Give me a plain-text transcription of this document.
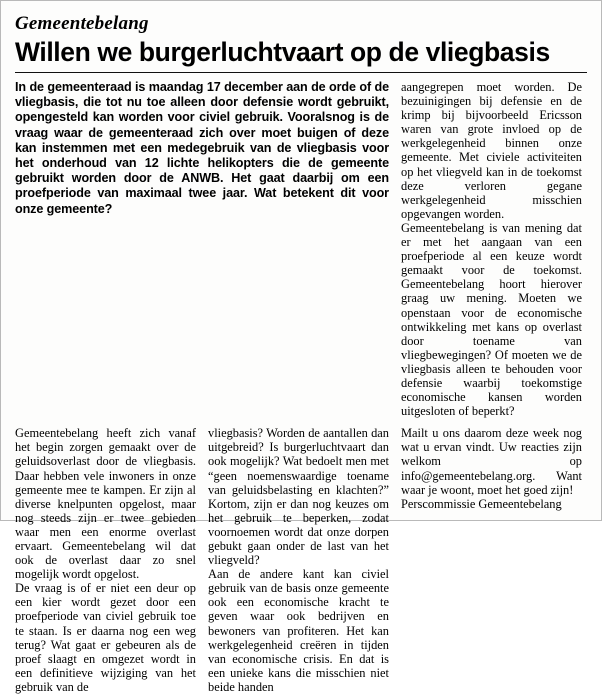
Gemeentebelang
Willen we burgerluchtvaart op de vliegbasis

In de gemeenteraad is maandag 17 december aan de orde of de vliegbasis, die tot nu toe alleen door defensie wordt gebruikt, opengesteld kan worden voor civiel gebruik. Vooralsnog is de vraag waar de gemeenteraad zich over moet buigen of deze kan instemmen met een medegebruik van de vliegbasis voor het onderhoud van 12 lichte helikopters die de gemeente gebruikt worden door de ANWB. Het gaat daarbij om een proefperiode van maximaal twee jaar. Wat betekent dit voor onze gemeente?

aangegrepen moet worden. De bezuinigingen bij defensie en de krimp bij bijvoorbeeld Ericsson waren van grote invloed op de werkgelegenheid binnen onze gemeente. Met civiele activiteiten op het vliegveld kan in de toekomst deze verloren gegane werkgelegenheid misschien opgevangen worden.

Gemeentebelang is van mening dat er met het aangaan van een proefperiode al een keuze wordt gemaakt voor de toekomst. Gemeentebelang hoort hierover graag uw mening. Moeten we openstaan voor de economische ontwikkeling met kans op overlast door toename van vliegbewegingen? Of moeten we de vliegbasis alleen te behouden voor defensie waarbij toekomstige economische kansen worden uitgesloten of beperkt?

Gemeentebelang heeft zich vanaf het begin zorgen gemaakt over de geluidsoverlast door de vliegbasis. Daar hebben vele inwoners in onze gemeente mee te kampen. Er zijn al diverse knelpunten opgelost, maar nog steeds zijn er twee gebieden waar men een enorme overlast ervaart. Gemeentebelang wil dat ook de overlast daar zo snel mogelijk wordt opgelost.

De vraag is of er niet een deur op een kier wordt gezet door een proefperiode van civiel gebruik toe te staan. Is er daarna nog een weg terug? Wat gaat er gebeuren als de proef slaagt en omgezet wordt in een definitieve wijziging van het gebruik van de

vliegbasis? Worden de aantallen dan uitgebreid? Is burgerluchtvaart dan ook mogelijk? Wat bedoelt men met “geen noemenswaardige toename van geluidsbelasting en klachten?” Kortom, zijn er dan nog keuzes om het gebruik te beperken, zodat voornoemen wordt dat onze dorpen gebukt gaan onder de last van het vliegveld?

Aan de andere kant kan civiel gebruik van de basis onze gemeente ook een economische kracht te geven waar ook bedrijven en bewoners van profiteren. Het kan werkgelegenheid creëren in tijden van economische crisis. En dat is een unieke kans die misschien niet beide handen

Mailt u ons daarom deze week nog wat u ervan vindt. Uw reacties zijn welkom op info@gemeentebelang.org. Want waar je woont, moet het goed zijn!

Perscommissie Gemeentebelang
